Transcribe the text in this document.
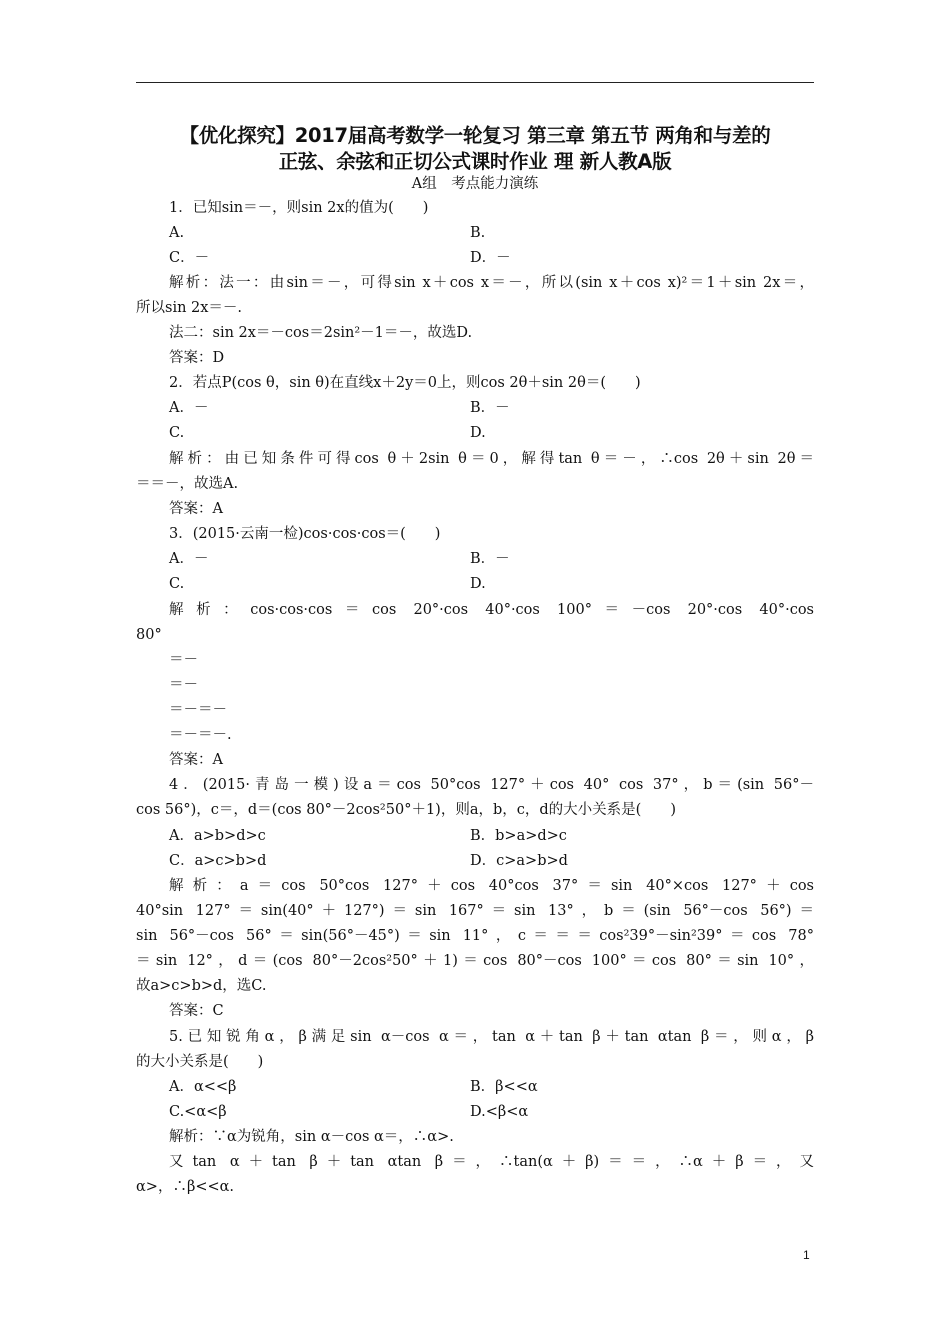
【优化探究】2017届高考数学一轮复习 第三章 第五节 两角和与差的
正弦、余弦和正切公式课时作业 理 新人教A版
A组　考点能力演练
1．已知sin＝－，则sin 2x的值为(　　)
A.	B.
C．－	D．－
解析：法一：由sin＝－，可得sin x＋cos x＝－，所以(sin x＋cos x)²＝1＋sin 2x＝，
所以sin 2x＝－.
法二：sin 2x＝－cos＝2sin²－1＝－，故选D.
答案：D
2．若点P(cos θ，sin θ)在直线x＋2y＝0上，则cos 2θ＋sin 2θ＝(　　)
A．－	B．－
C.	D.
解析：由已知条件可得cos θ＋2sin θ＝0，解得tan θ＝－，∴cos 2θ＋sin 2θ＝
＝＝－，故选A.
答案：A
3．(2015·云南一检)cos·cos·cos＝(　　)
A．－	B．－
C.	D.
解析：cos·cos·cos＝cos 20°·cos 40°·cos 100°＝－cos 20°·cos 40°·cos
80°
＝－
＝－
＝－＝－
＝－＝－.
答案：A
4．(2015·青岛一模)设a＝cos 50°cos 127°＋cos 40° cos 37°，b＝(sin 56°－
cos 56°)，c＝，d＝(cos 80°－2cos²50°＋1)，则a，b，c，d的大小关系是(　　)
A．a>b>d>c	B．b>a>d>c
C．a>c>b>d	D．c>a>b>d
解析：a＝cos 50°cos 127°＋cos 40°cos 37°＝sin 40°×cos 127°＋cos
40°sin 127°＝sin(40°＋127°)＝sin 167°＝sin 13°，b＝(sin 56°－cos 56°)＝
sin 56°－cos 56°＝sin(56°－45°)＝sin 11°，c＝＝＝cos²39°－sin²39°＝cos 78°
＝sin 12°，d＝(cos 80°－2cos²50°＋1)＝cos 80°－cos 100°＝cos 80°＝sin 10°，
故a>c>b>d，选C.
答案：C
5.已知锐角α，β满足sin α－cos α＝，tan α＋tan β＋tan αtan β＝，则α，β
的大小关系是(　　)
A．α<<β	B．β<<α
C.<α<β	D.<β<α
解析：∵α为锐角，sin α－cos α＝，∴α>.
又tan α＋tan β＋tan αtan β＝，∴tan(α＋β)＝＝，∴α＋β＝，又
α>，∴β<<α.
1
